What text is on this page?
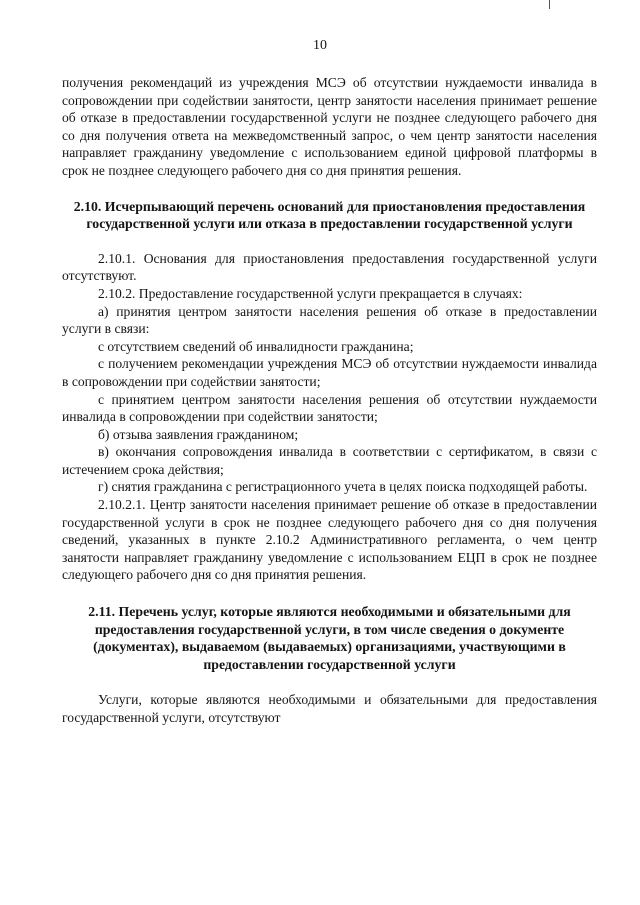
10

получения рекомендаций из учреждения МСЭ об отсутствии нуждаемости инвалида в сопровождении при содействии занятости, центр занятости населения принимает решение об отказе в предоставлении государственной услуги не позднее следующего рабочего дня со дня получения ответа на межведомственный запрос, о чем центр занятости населения направляет гражданину уведомление с использованием единой цифровой платформы в срок не позднее следующего рабочего дня со дня принятия решения.

2.10. Исчерпывающий перечень оснований для приостановления предоставления государственной услуги или отказа в предоставлении государственной услуги

2.10.1. Основания для приостановления предоставления государственной услуги отсутствуют.

2.10.2. Предоставление государственной услуги прекращается в случаях:

а) принятия центром занятости населения решения об отказе в предоставлении услуги в связи:

с отсутствием сведений об инвалидности гражданина;

с получением рекомендации учреждения МСЭ об отсутствии нуждаемости инвалида в сопровождении при содействии занятости;

с принятием центром занятости населения решения об отсутствии нуждаемости инвалида в сопровождении при содействии занятости;

б) отзыва заявления гражданином;

в) окончания сопровождения инвалида в соответствии с сертификатом, в связи с истечением срока действия;

г) снятия гражданина с регистрационного учета в целях поиска подходящей работы.

2.10.2.1. Центр занятости населения принимает решение об отказе в предоставлении государственной услуги в срок не позднее следующего рабочего дня со дня получения сведений, указанных в пункте 2.10.2 Административного регламента, о чем центр занятости направляет гражданину уведомление с использованием ЕЦП в срок не позднее следующего рабочего дня со дня принятия решения.

2.11. Перечень услуг, которые являются необходимыми и обязательными для предоставления государственной услуги, в том числе сведения о документе (документах), выдаваемом (выдаваемых) организациями, участвующими в предоставлении государственной услуги

Услуги, которые являются необходимыми и обязательными для предоставления государственной услуги, отсутствуют
